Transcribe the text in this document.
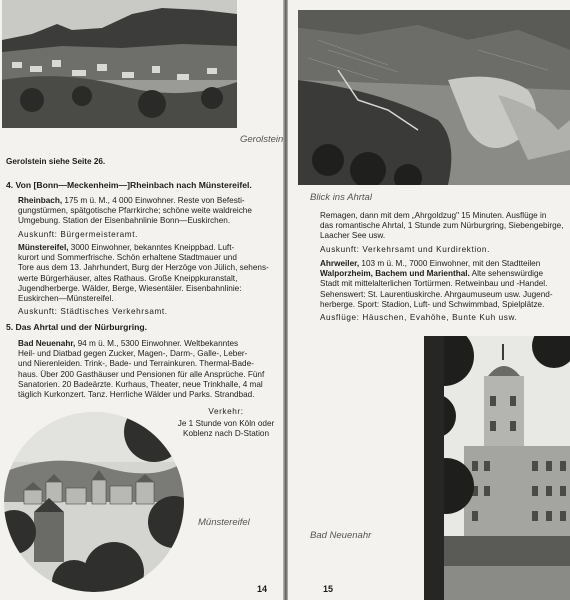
Gerolstein

Gerolstein siehe Seite 26.

4. Von [Bonn—Meckenheim—]Rheinbach nach Münstereifel.

Rheinbach, 175 m ü. M., 4 000 Einwohner. Reste von Befesti-

gungstürmen, spätgotische Pfarrkirche; schöne weite waldreiche

Umgebung. Station der Eisenbahnlinie Bonn—Euskirchen.

Auskunft: Bürgermeisteramt.

Münstereifel, 3000 Einwohner, bekanntes Kneippbad. Luft-

kurort und Sommerfrische. Schön erhaltene Stadtmauer und

Tore aus dem 13. Jahrhundert, Burg der Herzöge von Jülich, sehens-

werte Bürgerhäuser, altes Rathaus. Große Kneippkuranstalt,

Jugendherberge. Wälder, Berge, Wiesentäler. Eisenbahnlinie:

Euskirchen—Münstereifel.

Auskunft: Städtisches Verkehrsamt.

5. Das Ahrtal und der Nürburgring.

Bad Neuenahr, 94 m ü. M., 5300 Einwohner. Weltbekanntes

Heil- und Diatbad gegen Zucker, Magen-, Darm-, Galle-, Leber-

und Nierenleiden. Trink-, Bade- und Terrainkuren. Thermal-Bade-

haus. Über 200 Gasthäuser und Pensionen für alle Ansprüche. Fünf

Sanatorien. 20 Badeärzte. Kurhaus, Theater, neue Trinkhalle, 4 mal

täglich Kurkonzert. Tanz. Herrliche Wälder und Parks. Strandbad.

Verkehr:

Je 1 Stunde von Köln oder

Koblenz nach D-Station

Münstereifel
14
Blick ins Ahrtal

Remagen, dann mit dem „Ahrgoldzug" 15 Minuten. Ausflüge in

das romantische Ahrtal, 1 Stunde zum Nürburgring, Siebengebirge,

Laacher See usw.

Auskunft: Verkehrsamt und Kurdirektion.

Ahrweiler, 103 m ü. M., 7000 Einwohner, mit den Stadtteilen

Walporzheim, Bachem und Marienthal. Alte sehenswürdige

Stadt mit mittelalterlichen Tortürmen. Retweinbau und -Handel.

Sehenswert: St. Laurentiuskirche. Ahrgaumuseum usw. Jugend-

herberge. Sport: Stadion, Luft- und Schwimmbad, Spielplätze.

Ausflüge: Häuschen, Evahöhe, Bunte Kuh usw.

Bad Neuenahr
15
